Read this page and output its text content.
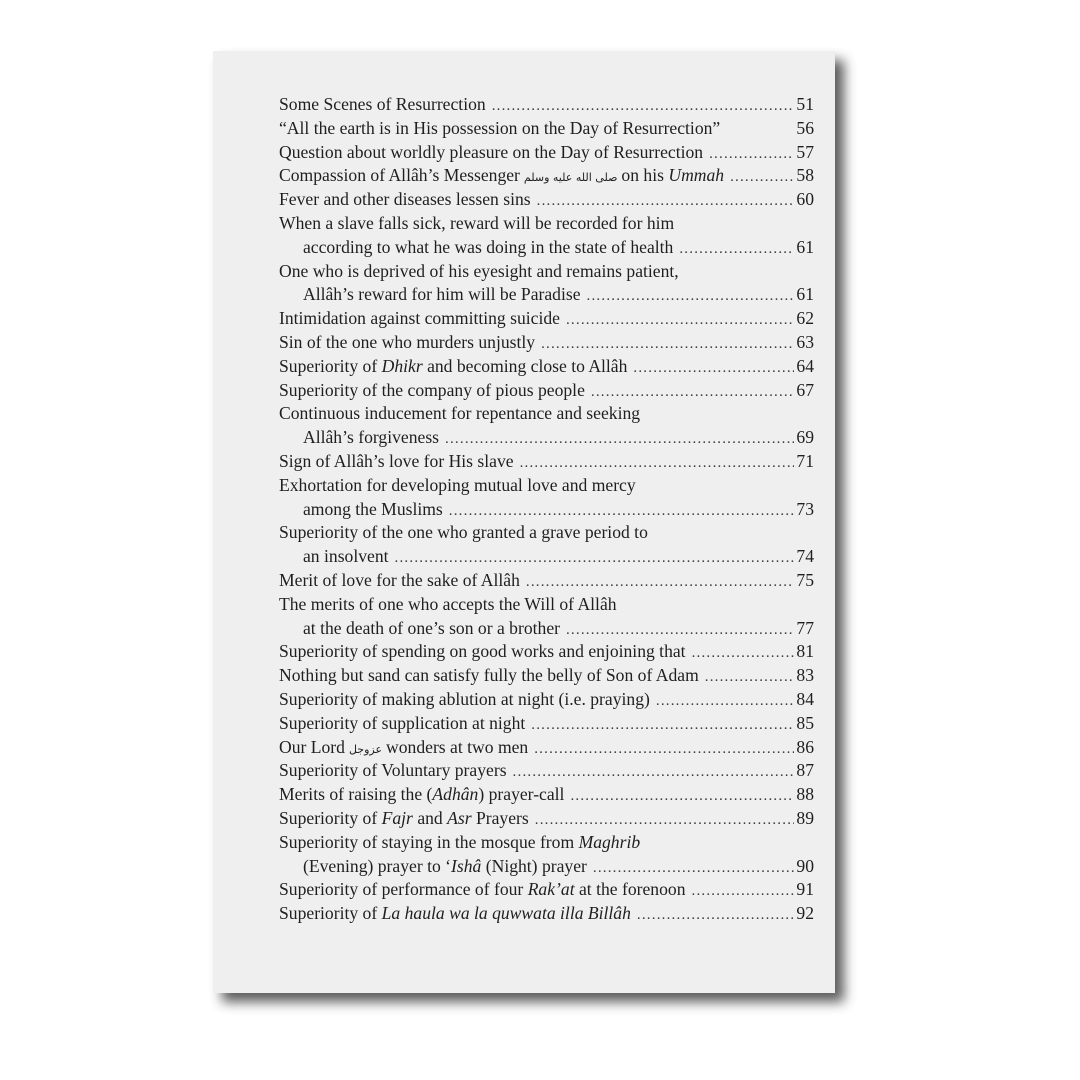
Some Scenes of Resurrection .....	51
“All the earth is in His possession on the Day of Resurrection”	56
Question about worldly pleasure on the Day of Resurrection .....	57
Compassion of Allâh’s Messenger صلى الله عليه وسلم on his Ummah .....	58
Fever and other diseases lessen sins .....	60
When a slave falls sick, reward will be recorded for him
according to what he was doing in the state of health .....	61
One who is deprived of his eyesight and remains patient,
Allâh’s reward for him will be Paradise .....	61
Intimidation against committing suicide .....	62
Sin of the one who murders unjustly .....	63
Superiority of Dhikr and becoming close to Allâh .....	64
Superiority of the company of pious people .....	67
Continuous inducement for repentance and seeking
Allâh’s forgiveness .....	69
Sign of Allâh’s love for His slave .....	71
Exhortation for developing mutual love and mercy
among the Muslims .....	73
Superiority of the one who granted a grave period to
an insolvent .....	74
Merit of love for the sake of Allâh .....	75
The merits of one who accepts the Will of Allâh
at the death of one’s son or a brother .....	77
Superiority of spending on good works and enjoining that .....	81
Nothing but sand can satisfy fully the belly of Son of Adam .....	83
Superiority of making ablution at night (i.e. praying) .....	84
Superiority of supplication at night .....	85
Our Lord عزوجل wonders at two men .....	86
Superiority of Voluntary prayers .....	87
Merits of raising the (Adhân) prayer-call .....	88
Superiority of Fajr and Asr Prayers .....	89
Superiority of staying in the mosque from Maghrib
(Evening) prayer to ‘Ishâ (Night) prayer .....	90
Superiority of performance of four Rak’at at the forenoon .....	91
Superiority of La haula wa la quwwata illa Billâh .....	92
